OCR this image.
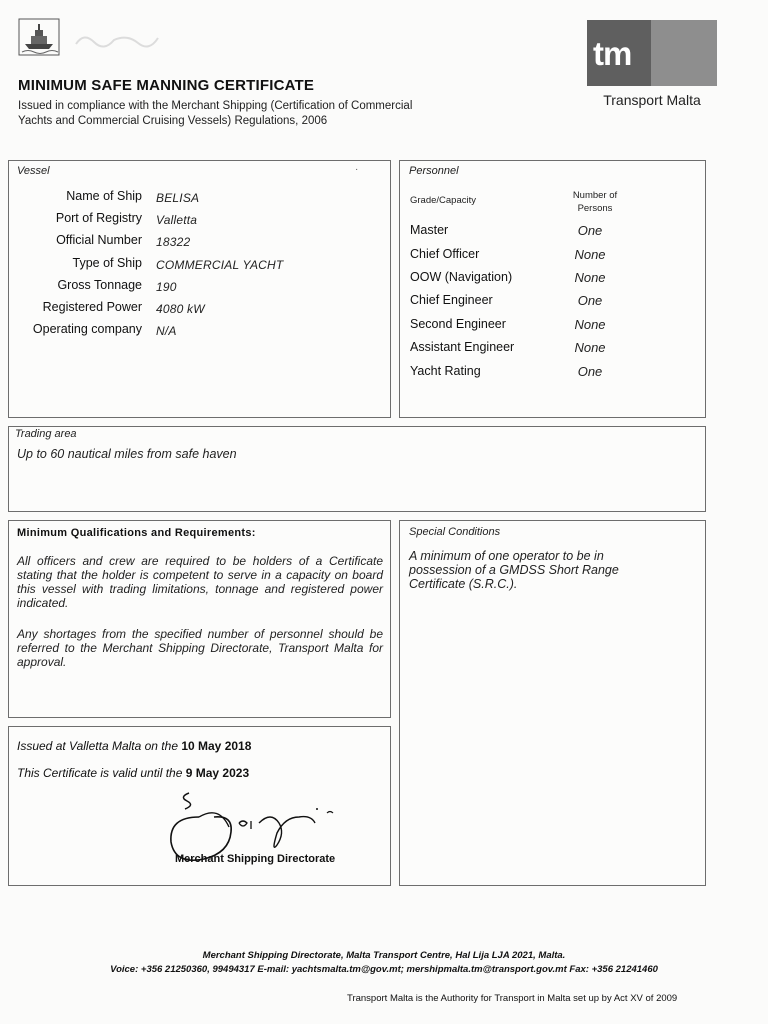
MINIMUM SAFE MANNING CERTIFICATE
Issued in compliance with the Merchant Shipping (Certification of Commercial
Yachts and Commercial Cruising Vessels) Regulations, 2006
tm
Transport Malta
Vessel	·
Name of Ship BELISA
Port of Registry Valletta
Official Number 18322
Type of Ship COMMERCIAL YACHT
Gross Tonnage 190
Registered Power 4080 kW
Operating company N/A
Personnel
Grade/Capacity	Number of
Persons
Master	One
Chief Officer	None
OOW (Navigation)	None
Chief Engineer	One
Second Engineer	None
Assistant Engineer	None
Yacht Rating	One
Trading area
Up to 60 nautical miles from safe haven
Minimum Qualifications and Requirements:
All officers and crew are required to be holders of a Certificate stating that the holder is competent to serve in a capacity on board this vessel with trading limitations, tonnage and registered power indicated.
Any shortages from the specified number of personnel should be referred to the Merchant Shipping Directorate, Transport Malta for approval.
Special Conditions
A minimum of one operator to be in possession of a GMDSS Short Range Certificate (S.R.C.).
Issued at Valletta Malta on the 10 May 2018
This Certificate is valid until the 9 May 2023
Merchant Shipping Directorate
Merchant Shipping Directorate, Malta Transport Centre, Hal Lija LJA 2021, Malta.
Voice: +356 21250360, 99494317 E-mail: yachtsmalta.tm@gov.mt; mershipmalta.tm@transport.gov.mt Fax: +356 21241460
Transport Malta is the Authority for Transport in Malta set up by Act XV of 2009
